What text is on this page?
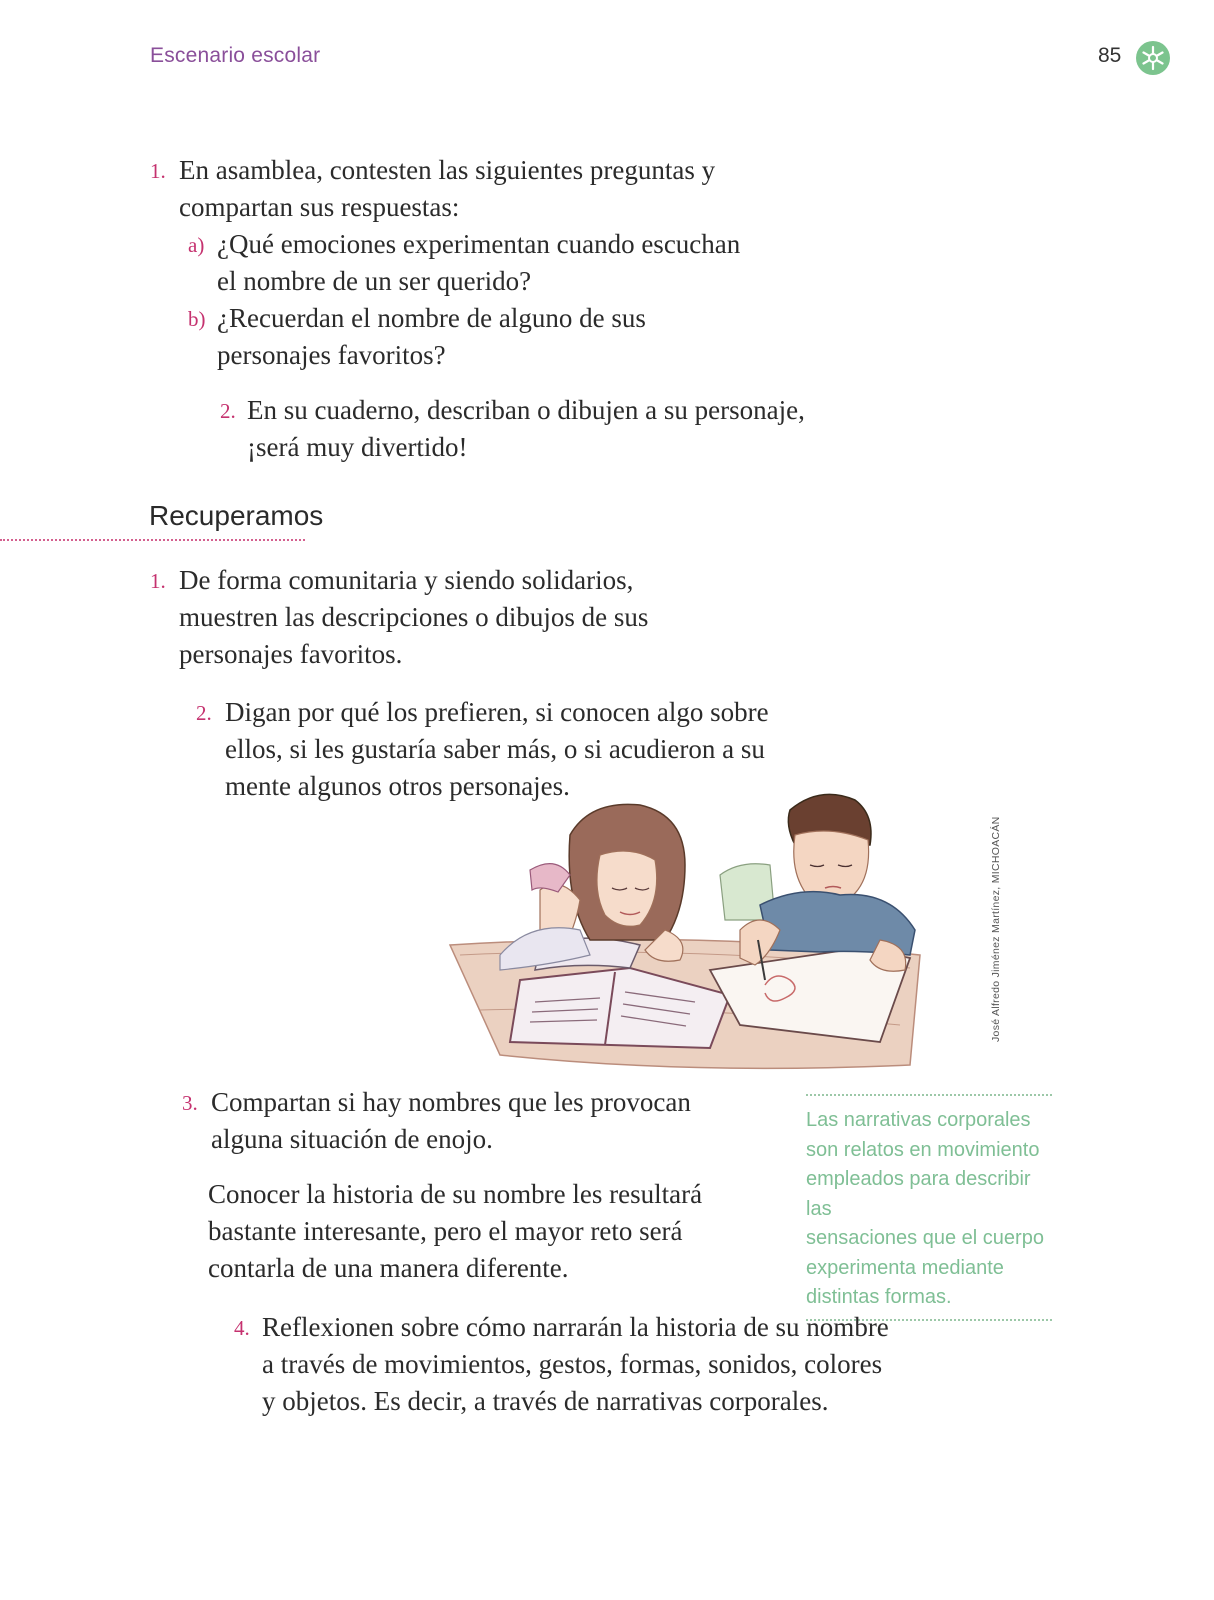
Escenario escolar	85
1. En asamblea, contesten las siguientes preguntas y
compartan sus respuestas:
a) ¿Qué emociones experimentan cuando escuchan
el nombre de un ser querido?
b) ¿Recuerdan el nombre de alguno de sus
personajes favoritos?
2. En su cuaderno, describan o dibujen a su personaje,
¡será muy divertido!
Recuperamos
1. De forma comunitaria y siendo solidarios,
muestren las descripciones o dibujos de sus
personajes favoritos.
2. Digan por qué los prefieren, si conocen algo sobre
ellos, si les gustaría saber más, o si acudieron a su
mente algunos otros personajes.
José Alfredo Jiménez Martínez, MICHOACÁN
3. Compartan si hay nombres que les provocan
alguna situación de enojo.
Conocer la historia de su nombre les resultará
bastante interesante, pero el mayor reto será
contarla de una manera diferente.
Las narrativas corporales
son relatos en movimiento
empleados para describir las
sensaciones que el cuerpo
experimenta mediante
distintas formas.
4. Reflexionen sobre cómo narrarán la historia de su nombre
a través de movimientos, gestos, formas, sonidos, colores
y objetos. Es decir, a través de narrativas corporales.
